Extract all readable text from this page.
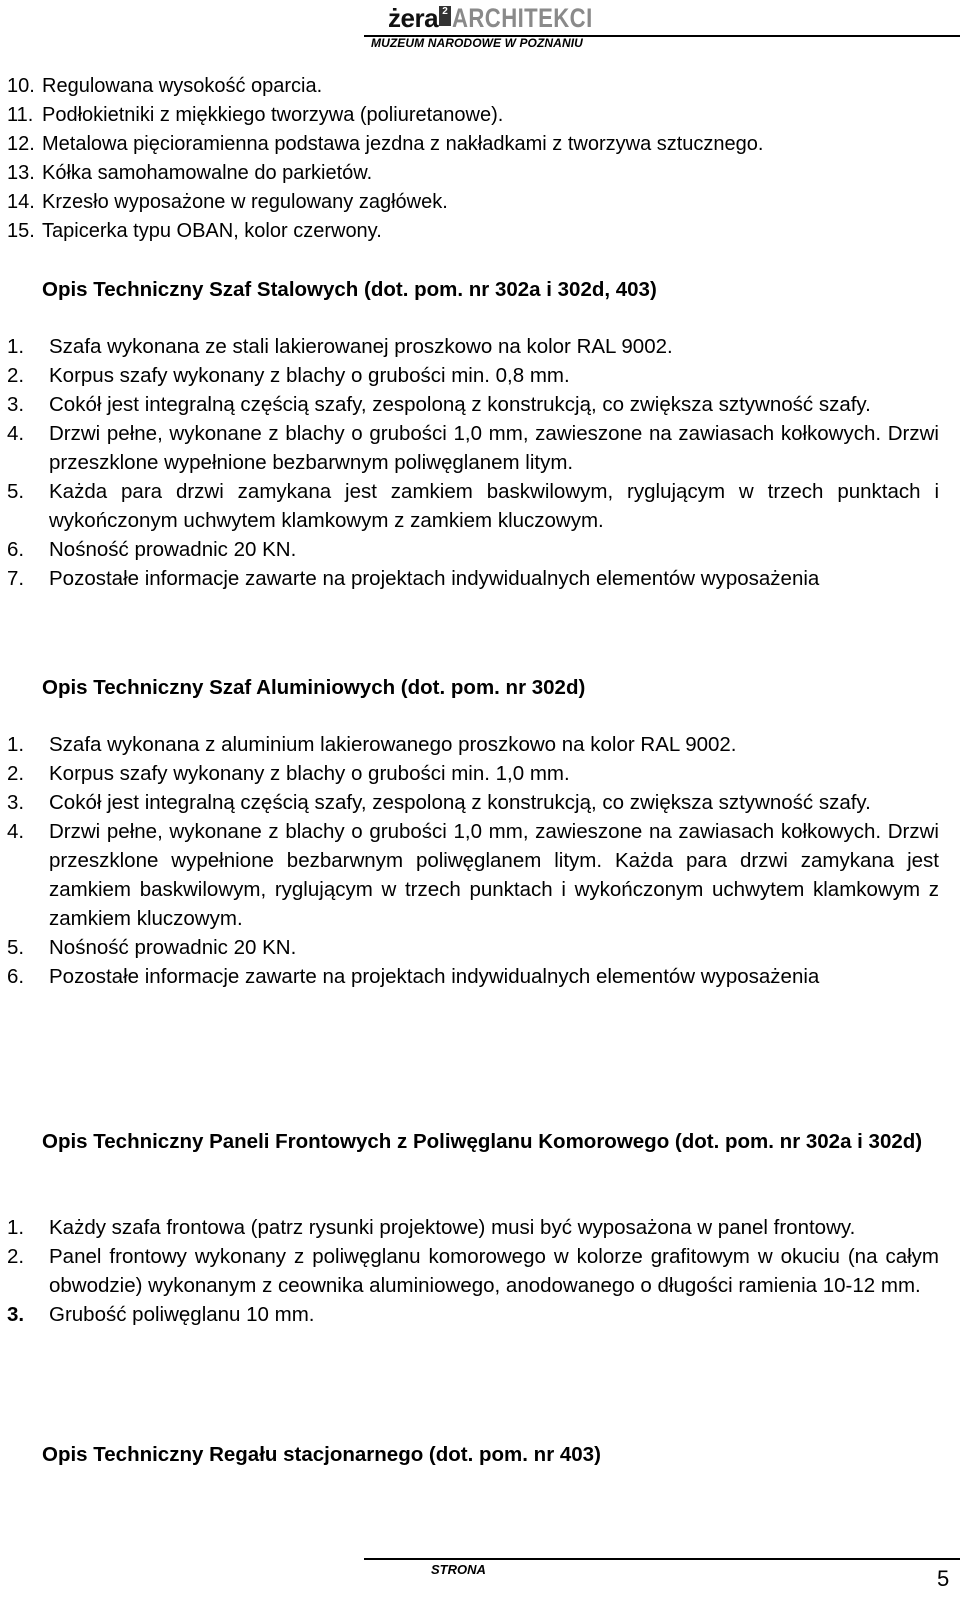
żera 2 ARCHITEKCI
MUZEUM NARODOWE W POZNANIU
10. Regulowana wysokość oparcia.
11. Podłokietniki z miękkiego tworzywa (poliuretanowe).
12. Metalowa pięcioramienna podstawa jezdna z nakładkami z tworzywa sztucznego.
13. Kółka samohamowalne do parkietów.
14. Krzesło wyposażone w regulowany zagłówek.
15. Tapicerka typu OBAN, kolor czerwony.
Opis Techniczny Szaf Stalowych (dot. pom. nr 302a i 302d, 403)
1. Szafa wykonana ze stali lakierowanej proszkowo na kolor RAL 9002.
2. Korpus szafy wykonany z blachy o grubości min. 0,8 mm.
3. Cokół jest integralną częścią szafy, zespoloną z konstrukcją, co zwiększa sztywność szafy.
4. Drzwi pełne, wykonane z blachy o grubości 1,0 mm, zawieszone na zawiasach kołkowych. Drzwi przeszklone wypełnione bezbarwnym poliwęglanem litym.
5. Każda para drzwi zamykana jest zamkiem baskwilowym, ryglującym w trzech punktach i wykończonym uchwytem klamkowym z zamkiem kluczowym.
6. Nośność prowadnic 20 KN.
7. Pozostałe informacje zawarte na projektach indywidualnych elementów wyposażenia
Opis Techniczny Szaf Aluminiowych (dot. pom. nr 302d)
1. Szafa wykonana z aluminium lakierowanego proszkowo na kolor RAL 9002.
2. Korpus szafy wykonany z blachy o grubości min. 1,0 mm.
3. Cokół jest integralną częścią szafy, zespoloną z konstrukcją, co zwiększa sztywność szafy.
4. Drzwi pełne, wykonane z blachy o grubości 1,0 mm, zawieszone na zawiasach kołkowych. Drzwi przeszklone wypełnione bezbarwnym poliwęglanem litym. Każda para drzwi zamykana jest zamkiem baskwilowym, ryglującym w trzech punktach i wykończonym uchwytem klamkowym z zamkiem kluczowym.
5. Nośność prowadnic 20 KN.
6. Pozostałe informacje zawarte na projektach indywidualnych elementów wyposażenia
Opis Techniczny Paneli Frontowych z Poliwęglanu Komorowego (dot. pom. nr 302a i 302d)
1. Każdy szafa frontowa (patrz rysunki projektowe) musi być wyposażona w panel frontowy.
2. Panel frontowy wykonany z poliwęglanu komorowego w kolorze grafitowym w okuciu (na całym obwodzie) wykonanym z ceownika aluminiowego, anodowanego o długości ramienia 10-12 mm.
3. Grubość poliwęglanu 10 mm.
Opis Techniczny Regału stacjonarnego (dot. pom. nr 403)
STRONA	5
